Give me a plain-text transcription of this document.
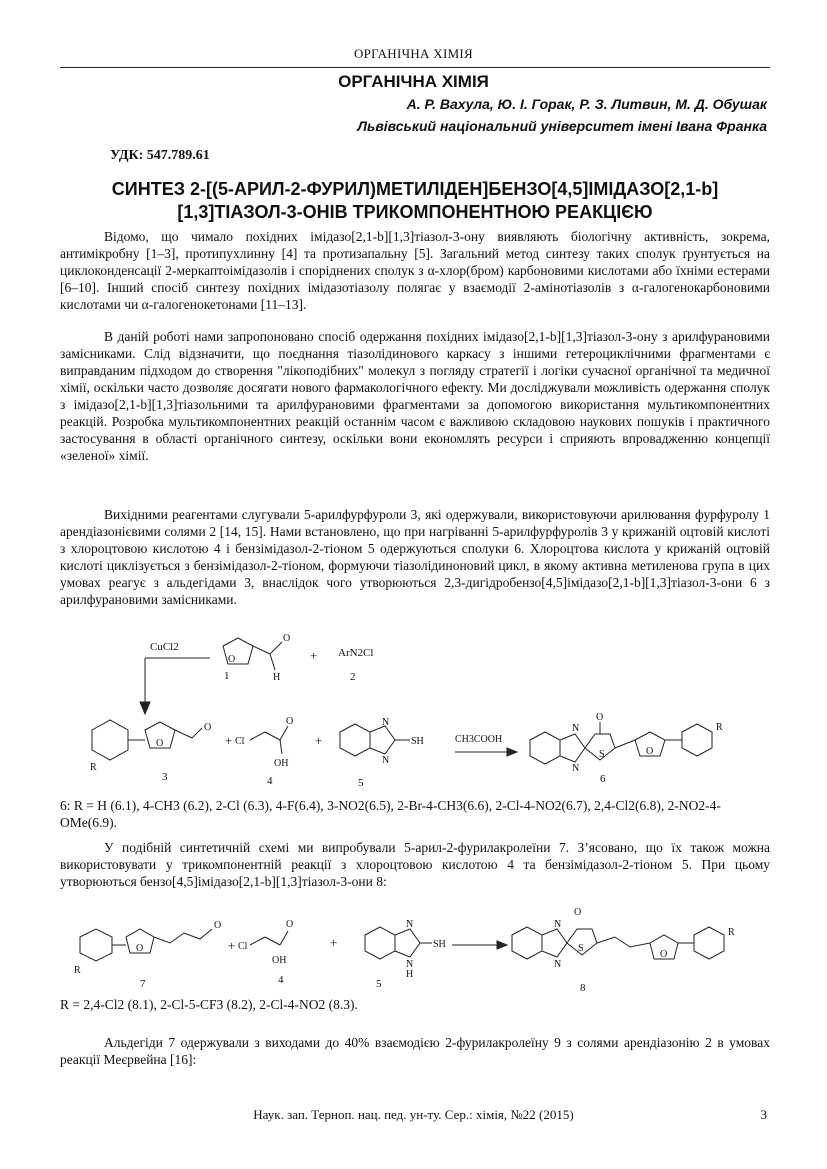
ОРГАНІЧНА ХІМІЯ
ОРГАНІЧНА ХІМІЯ
А. Р. Вахула, Ю. І. Горак, Р. З. Литвин, М. Д. Обушак
Львівський національний університет імені Івана Франка
УДК: 547.789.61
СИНТЕЗ 2-[(5-АРИЛ-2-ФУРИЛ)МЕТИЛІДЕН]БЕНЗО[4,5]ІМІДАЗО[2,1-b]
[1,3]ТІАЗОЛ-3-ОНІВ ТРИКОМПОНЕНТНОЮ РЕАКЦІЄЮ

Відомо, що чимало похідних імідазо[2,1-b][1,3]тіазол-3-ону виявляють біологічну активність, зокрема, антимікробну [1–3], протипухлинну [4] та протизапальну [5]. Загальний метод синтезу таких сполук ґрунтується на циклоконденсації 2-меркаптоімідазолів і споріднених сполук з α-хлор(бром) карбоновими кислотами або їхніми естерами [6–10]. Інший спосіб синтезу похідних імідазотіазолу полягає у взаємодії 2-амінотіазолів з α-галогенокарбоновими кислотами чи α-галогенокетонами [11–13].

В даній роботі нами запропоновано спосіб одержання похідних імідазо[2,1-b][1,3]тіазол-3-ону з арилфурановими замісниками. Слід відзначити, що поєднання тіазолідинового каркасу з іншими гетероциклічними фрагментами є виправданим підходом до створення "лікоподібних" молекул з погляду стратегії і логіки сучасної органічної та медичної хімії, оскільки часто дозволяє досягати нового фармакологічного ефекту. Ми досліджували можливість одержання сполук з імідазо[2,1-b][1,3]тіазольними та арилфурановими фрагментами за допомогою використання мультикомпонентних реакцій. Розробка мультикомпонентних реакцій останнім часом є важливою складовою наукових пошуків і практичного застосування в області органічного синтезу, оскільки вони економлять ресурси і сприяють впровадженню концепції «зеленої» хімії.

Вихідними реагентами слугували 5-арилфурфуроли 3, які одержували, використовуючи арилювання фурфуролу 1 арендіазонієвими солями 2 [14, 15]. Нами встановлено, що при нагріванні 5-арилфурфуролів 3 у крижаній оцтовій кислоті з хлороцтовою кислотою 4 і бензімідазол-2-тіоном 5 одержуються сполуки 6. Хлороцтова кислота у крижаній оцтовій кислоті циклізується з бензімідазол-2-тіоном, формуючи тіазолідиноновий цикл, в якому активна метиленова група в цих умовах реагує з альдегідами 3, внаслідок чого утворюються 2,3-дигідробензо[4,5]імідазо[2,1-b][1,3]тіазол-3-они 6 з арилфурановими замісниками.

CuCl2
1
O
O
H
+ ArN2Cl
2
R
O
O
3
+ Cl
O
OH
4
+
N
N
SH
5
CH3COOH
O
N
N
S	O
R
6
6: R = H (6.1), 4-CH3 (6.2), 2-Cl (6.3), 4-F(6.4), 3-NO2(6.5), 2-Br-4-CH3(6.6), 2-Cl-4-NO2(6.7), 2,4-Cl2(6.8), 2-NO2-4-OMe(6.9).

У подібній синтетичній схемі ми випробували 5-арил-2-фурилакролеїни 7. З’ясовано, що їх також можна використовувати у трикомпонентній реакції з хлороцтовою кислотою 4 та бензімідазол-2-тіоном 5. При цьому утворюються бензо[4,5]імідазо[2,1-b][1,3]тіазол-3-они 8:

R
O
O
7
+ Cl
O
OH
4
+
N
N
H
SH
5
O
N
N
S
O
R
8
R = 2,4-Cl2 (8.1), 2-Cl-5-CF3 (8.2), 2-Cl-4-NO2 (8.3).

Альдегіди 7 одержували з виходами до 40% взаємодією 2-фурилакролеїну 9 з солями арендіазонію 2 в умовах реакції Меєрвейна [16]:

Наук. зап. Терноп. нац. пед. ун-ту. Сер.: хімія, №22 (2015)	3
